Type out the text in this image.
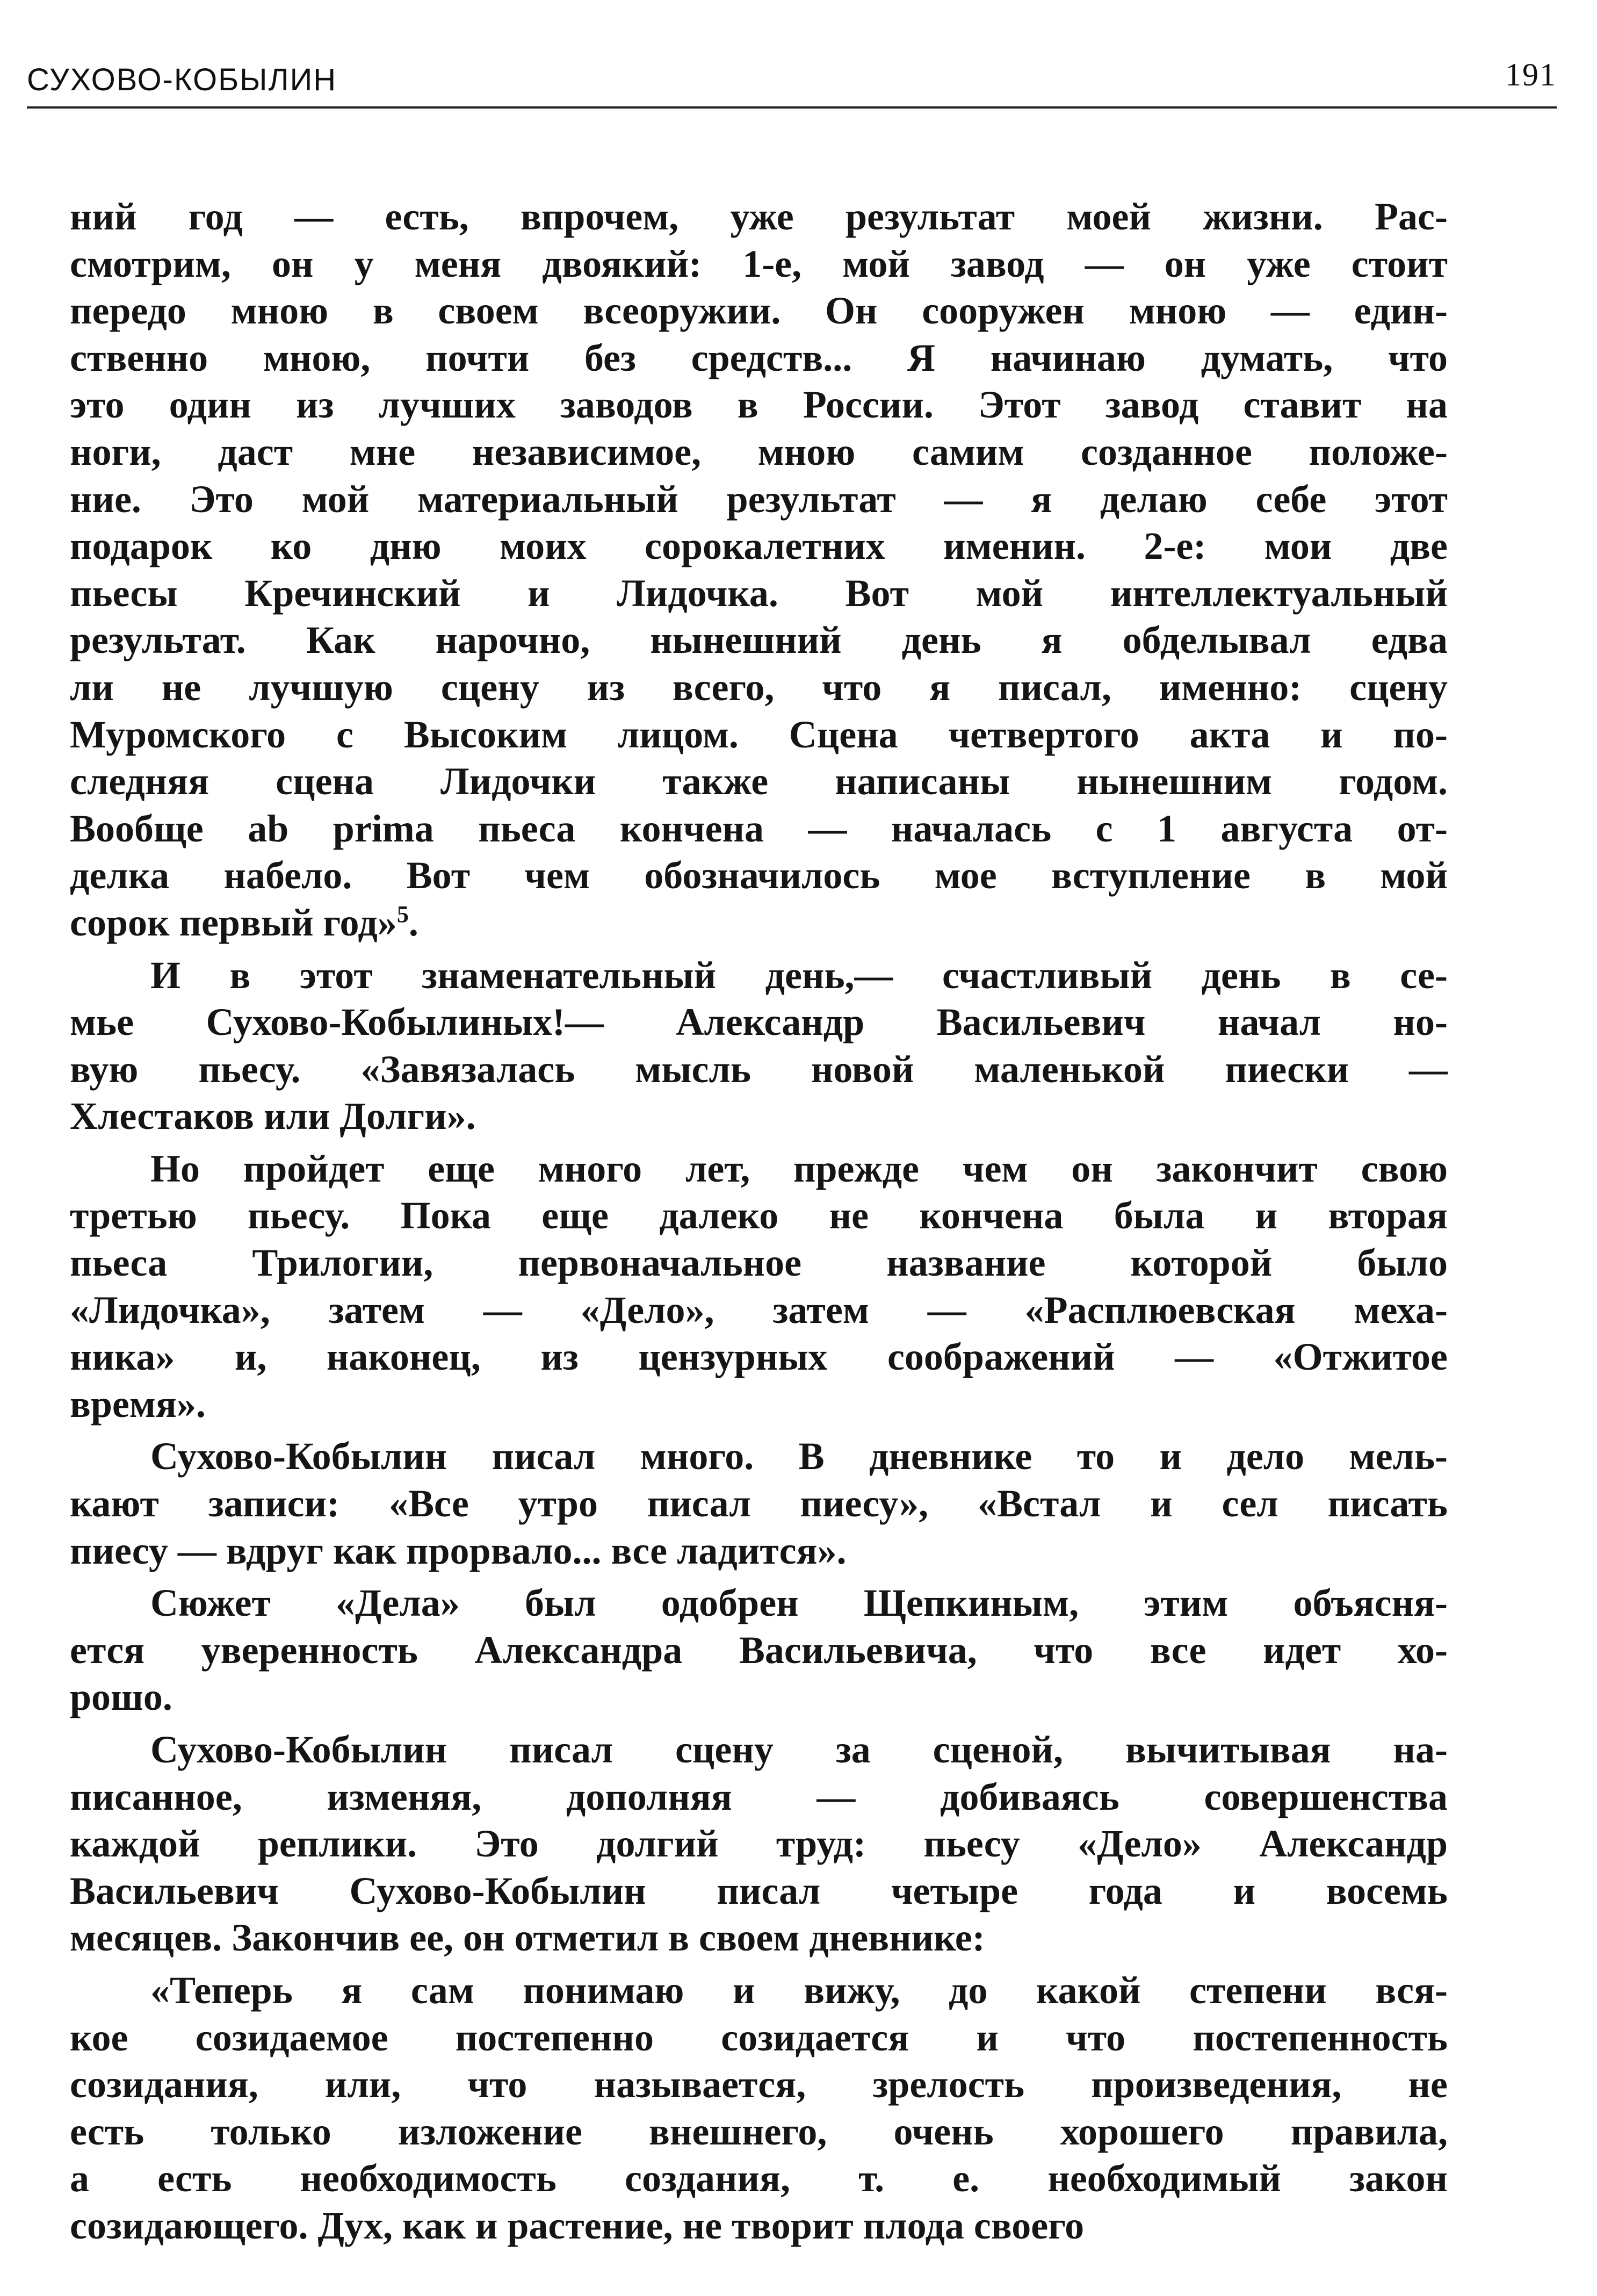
СУХОВО-КОБЫЛИН	191

ний год — есть, впрочем, уже результат моей жизни. Рас-
смотрим, он у меня двоякий: 1-е, мой завод — он уже стоит
передо мною в своем всеоружии. Он сооружен мною — един-
ственно мною, почти без средств... Я начинаю думать, что
это один из лучших заводов в России. Этот завод ставит на
ноги, даст мне независимое, мною самим созданное положе-
ние. Это мой материальный результат — я делаю себе этот
подарок ко дню моих сорокалетних именин. 2-е: мои две
пьесы Кречинский и Лидочка. Вот мой интеллектуальный
результат. Как нарочно, нынешний день я обделывал едва
ли не лучшую сцену из всего, что я писал, именно: сцену
Муромского с Высоким лицом. Сцена четвертого акта и по-
следняя сцена Лидочки также написаны нынешним годом.
Вообще ab prima пьеса кончена — началась с 1 августа от-
делка набело. Вот чем обозначилось мое вступление в мой
сорок первый год»$^5$.

И в этот знаменательный день,— счастливый день в се-
мье Сухово-Кобылиных!— Александр Васильевич начал но-
вую пьесу. «Завязалась мысль новой маленькой пиески —
Хлестаков или Долги».

Но пройдет еще много лет, прежде чем он закончит свою
третью пьесу. Пока еще далеко не кончена была и вторая
пьеса Трилогии, первоначальное название которой было
«Лидочка», затем — «Дело», затем — «Расплюевская меха-
ника» и, наконец, из цензурных соображений — «Отжитое
время».

Сухово-Кобылин писал много. В дневнике то и дело мель-
кают записи: «Все утро писал пиесу», «Встал и сел писать
пиесу — вдруг как прорвало... все ладится».

Сюжет «Дела» был одобрен Щепкиным, этим объясня-
ется уверенность Александра Васильевича, что все идет хо-
рошо.

Сухово-Кобылин писал сцену за сценой, вычитывая на-
писанное, изменяя, дополняя — добиваясь совершенства
каждой реплики. Это долгий труд: пьесу «Дело» Александр
Васильевич Сухово-Кобылин писал четыре года и восемь
месяцев. Закончив ее, он отметил в своем дневнике:

«Теперь я сам понимаю и вижу, до какой степени вся-
кое созидаемое постепенно созидается и что постепенность
созидания, или, что называется, зрелость произведения, не
есть только изложение внешнего, очень хорошего правила,
а есть необходимость создания, т. е. необходимый закон
созидающего. Дух, как и растение, не творит плода своего
